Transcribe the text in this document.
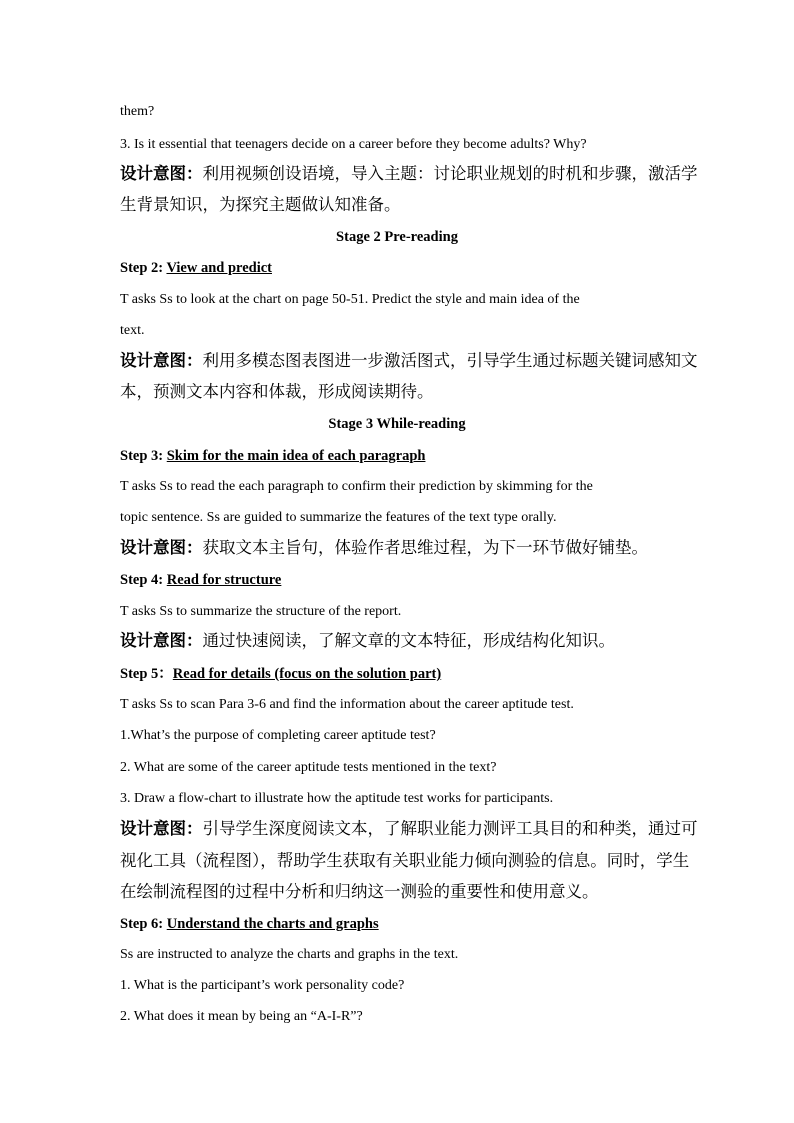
them?
3. Is it essential that teenagers decide on a career before they become adults? Why?
设计意图：利用视频创设语境，导入主题：讨论职业规划的时机和步骤，激活学
生背景知识，为探究主题做认知准备。
Stage 2 Pre-reading
Step 2: View and predict
T asks Ss to look at the chart on page 50-51. Predict the style and main idea of the
text.
设计意图：利用多模态图表图进一步激活图式，引导学生通过标题关键词感知文
本，预测文本内容和体裁，形成阅读期待。
Stage 3 While-reading
Step 3: Skim for the main idea of each paragraph
T asks Ss to read the each paragraph to confirm their prediction by skimming for the
topic sentence. Ss are guided to summarize the features of the text type orally.
设计意图：获取文本主旨句，体验作者思维过程，为下一环节做好铺垫。
Step 4: Read for structure
T asks Ss to summarize the structure of the report.
设计意图：通过快速阅读，了解文章的文本特征，形成结构化知识。
Step 5：Read for details (focus on the solution part)
T asks Ss to scan Para 3-6 and find the information about the career aptitude test.
1.What’s the purpose of completing career aptitude test?
2. What are some of the career aptitude tests mentioned in the text?
3. Draw a flow-chart to illustrate how the aptitude test works for participants.
设计意图：引导学生深度阅读文本，了解职业能力测评工具目的和种类，通过可
视化工具（流程图），帮助学生获取有关职业能力倾向测验的信息。同时，学生
在绘制流程图的过程中分析和归纳这一测验的重要性和使用意义。
Step 6: Understand the charts and graphs
Ss are instructed to analyze the charts and graphs in the text.
1. What is the participant’s work personality code?
2. What does it mean by being an “A-I-R”?
